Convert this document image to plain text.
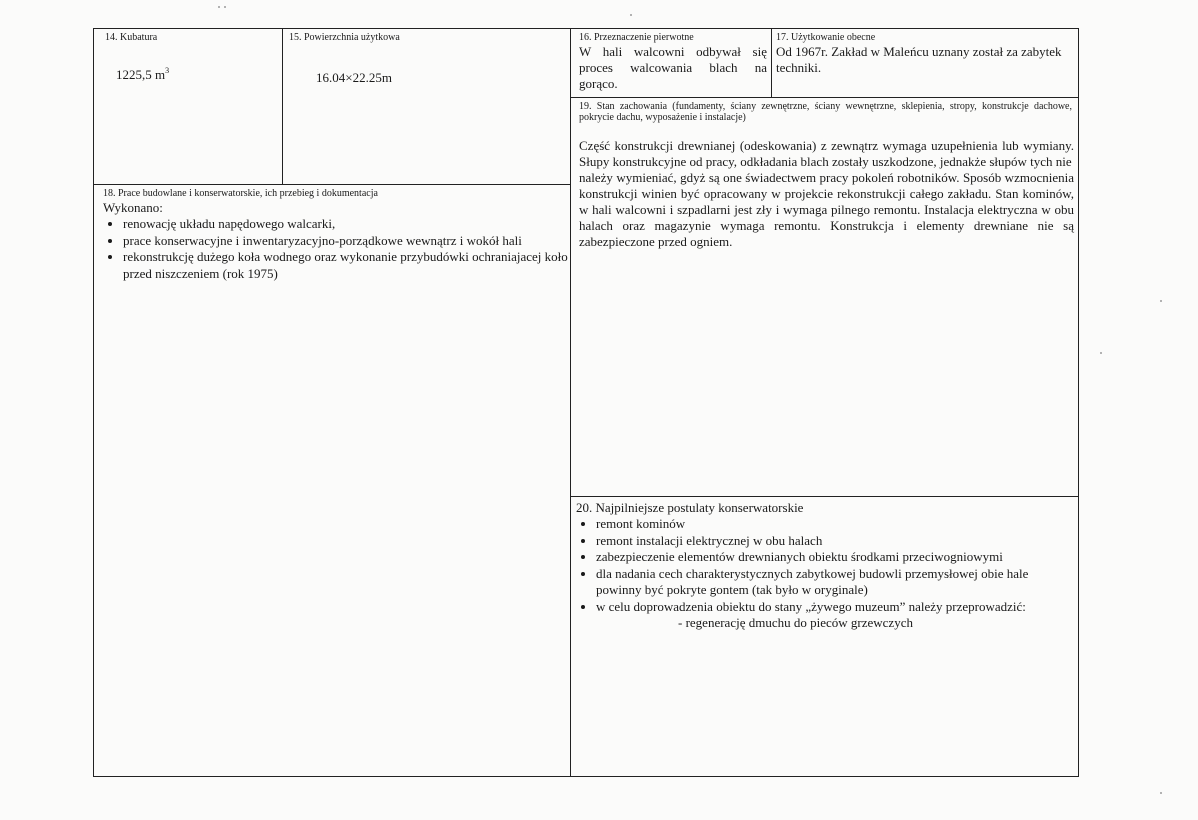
14. Kubatura
1225,5 $m^3$
15. Powierzchnia użytkowa
16.04×22.25m
16. Przeznaczenie pierwotne
W hali walcowni odbywał się proces walcowania blach na gorąco.
17. Użytkowanie obecne
Od 1967r. Zakład w Maleńcu uznany został za zabytek techniki.
18. Prace budowlane i konserwatorskie, ich przebieg i dokumentacja
Wykonano:
renowację układu napędowego walcarki,
prace konserwacyjne i inwentaryzacyjno-porządkowe wewnątrz i wokół hali
rekonstrukcję dużego koła wodnego oraz wykonanie przybudówki ochraniajacej koło przed niszczeniem (rok 1975)
19. Stan zachowania (fundamenty, ściany zewnętrzne, ściany wewnętrzne, sklepienia, stropy, konstrukcje dachowe, pokrycie dachu, wyposażenie i instalacje)
Część konstrukcji drewnianej (odeskowania) z zewnątrz wymaga uzupełnienia lub wymiany. Słupy konstrukcyjne od pracy, odkładania blach zostały uszkodzone, jednakże słupów tych nie
należy wymieniać, gdyż są one świadectwem pracy pokoleń robotników. Sposób wzmocnienia konstrukcji winien być opracowany w projekcie rekonstrukcji całego zakładu. Stan kominów, w hali walcowni i szpadlarni jest zły i wymaga pilnego remontu. Instalacja elektryczna w obu halach oraz magazynie wymaga remontu. Konstrukcja i elementy drewniane nie są zabezpieczone przed ogniem.
20. Najpilniejsze postulaty konserwatorskie
remont kominów
remont instalacji elektrycznej w obu halach
zabezpieczenie elementów drewnianych obiektu środkami przeciwogniowymi
dla nadania cech charakterystycznych zabytkowej budowli przemysłowej obie hale powinny być pokryte gontem (tak było w oryginale)
w celu doprowadzenia obiektu do stany „żywego muzeum” należy przeprowadzić:
- regenerację dmuchu do pieców grzewczych
